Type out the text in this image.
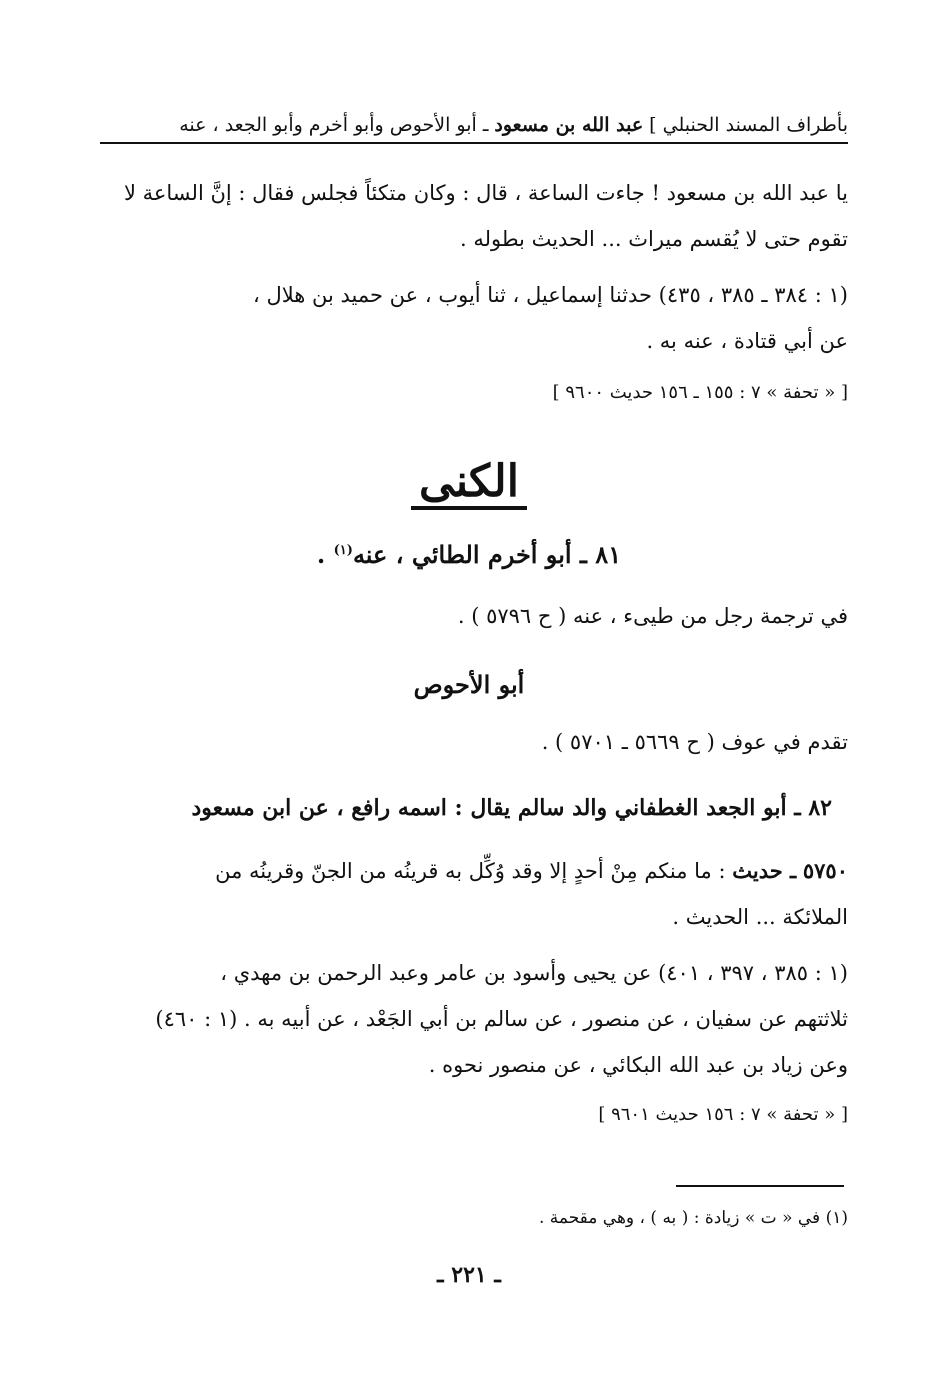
بأطراف المسند الحنبلي ]
عبد الله بن مسعود
ـ أبو الأحوص وأبو أخرم وأبو الجعد ، عنه
يا عبد الله بن مسعود ! جاءت الساعة ، قال : وكان متكئاً فجلس فقال : إنَّ الساعة لا
تقوم حتى لا يُقسم ميراث ... الحديث بطوله .
(١ : ٣٨٤ ـ ٣٨٥ ، ٤٣٥) حدثنا إسماعيل ، ثنا أيوب ، عن حميد بن هلال ،
عن أبي قتادة ، عنه به .
[ « تحفة » ٧ : ١٥٥ ـ ١٥٦ حديث ٩٦٠٠ ]
الكنى
٨١ ـ أبو أخرم الطائي ، عنه$^{(١)}$ .
في ترجمة رجل من طيىء ، عنه ( ح ٥٧٩٦ ) .
أبو الأحوص
تقدم في عوف ( ح ٥٦٦٩ ـ ٥٧٠١ ) .
٨٢ ـ أبو الجعد الغطفاني والد سالم يقال : اسمه رافع ، عن ابن مسعود
٥٧٥٠ ـ حديث : ما منكم مِنْ أحدٍ إلا وقد وُكِّل به قرينُه من الجنّ وقرينُه من
الملائكة ... الحديث .
(١ : ٣٨٥ ، ٣٩٧ ، ٤٠١) عن يحيى وأسود بن عامر وعبد الرحمن بن مهدي ،
ثلاثتهم عن سفيان ، عن منصور ، عن سالم بن أبي الجَعْد ، عن أبيه به . (١ : ٤٦٠)
وعن زياد بن عبد الله البكائي ، عن منصور نحوه .
[ « تحفة » ٧ : ١٥٦ حديث ٩٦٠١ ]
(١) في « ت » زيادة : ( به ) ، وهي مقحمة .
ـ ٢٢١ ـ
